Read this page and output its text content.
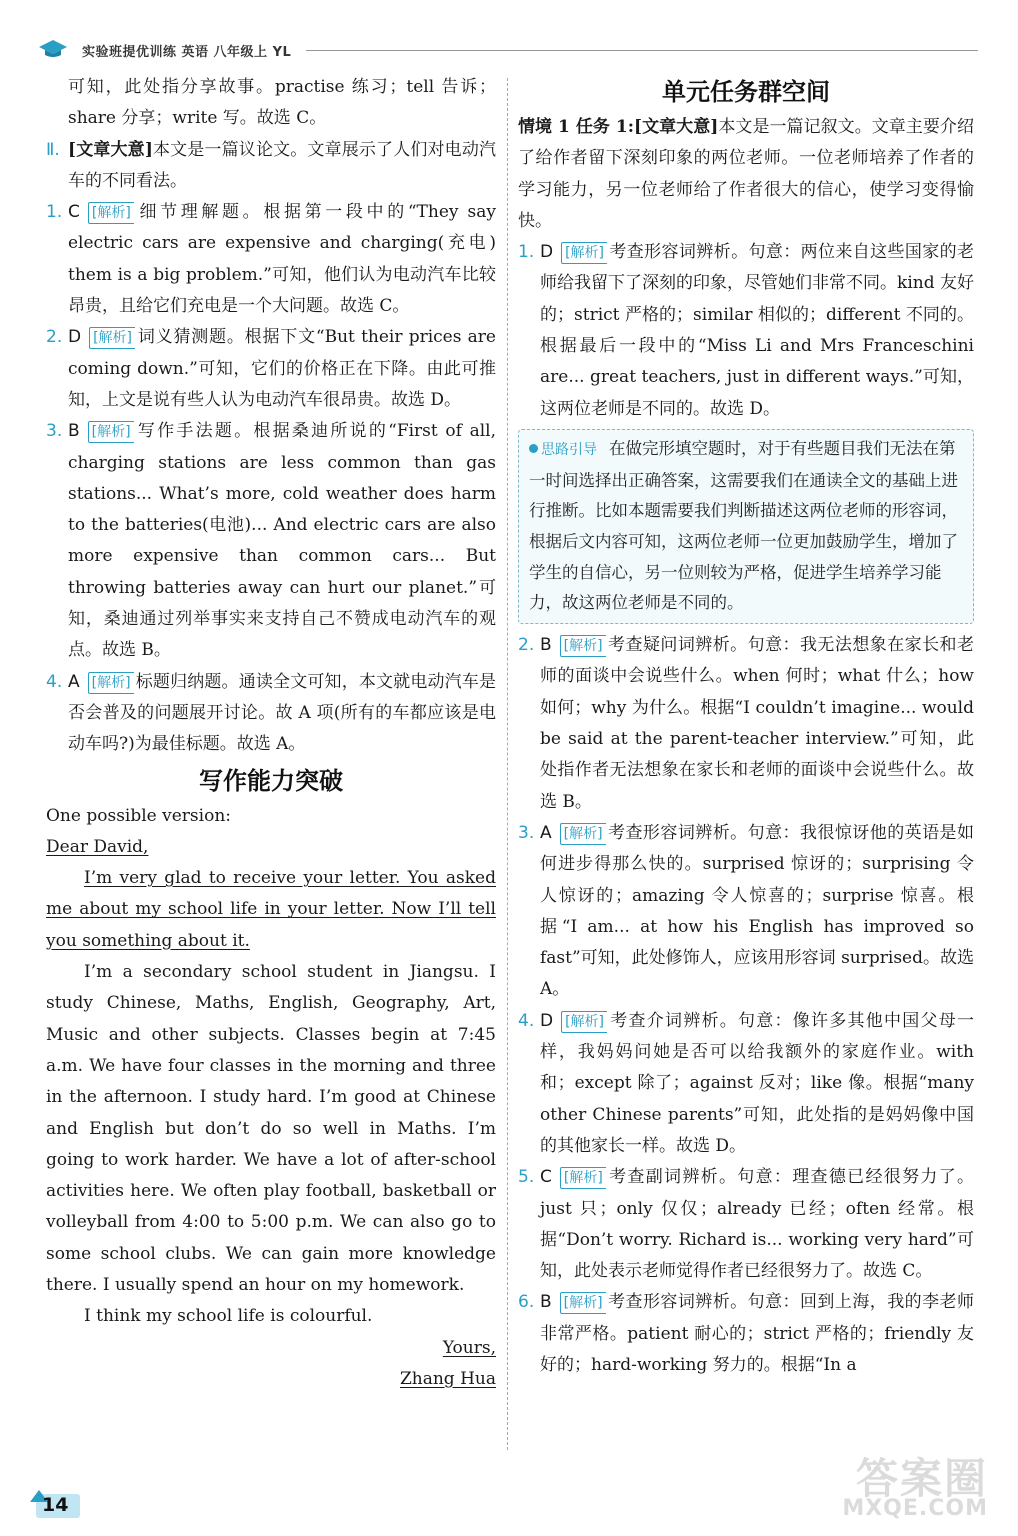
实验班提优训练 英语 八年级上 YL

可知，此处指分享故事。practise 练习；tell 告诉；share 分享；write 写。故选 C。

Ⅱ. [文章大意]本文是一篇议论文。文章展示了人们对电动汽车的不同看法。

1. C [解析] 细节理解题。根据第一段中的“They say electric cars are expensive and charging(充电) them is a big problem.”可知，他们认为电动汽车比较昂贵，且给它们充电是一个大问题。故选 C。

2. D [解析] 词义猜测题。根据下文“But their prices are coming down.”可知，它们的价格正在下降。由此可推知，上文是说有些人认为电动汽车很昂贵。故选 D。

3. B [解析] 写作手法题。根据桑迪所说的“First of all, charging stations are less common than gas stations... What’s more, cold weather does harm to the batteries(电池)... And electric cars are also more expensive than common cars... But throwing batteries away can hurt our planet.”可知，桑迪通过列举事实来支持自己不赞成电动汽车的观点。故选 B。

4. A [解析] 标题归纳题。通读全文可知，本文就电动汽车是否会普及的问题展开讨论。故 A 项(所有的车都应该是电动车吗?)为最佳标题。故选 A。

写作能力突破

One possible version:

Dear David,

I’m very glad to receive your letter. You asked me about my school life in your letter. Now I’ll tell you something about it.

I’m a secondary school student in Jiangsu. I study Chinese, Maths, English, Geography, Art, Music and other subjects. Classes begin at 7:45 a.m. We have four classes in the morning and three in the afternoon. I study hard. I’m good at Chinese and English but don’t do so well in Maths. I’m going to work harder. We have a lot of after-school activities here. We often play football, basketball or volleyball from 4:00 to 5:00 p.m. We can also go to some school clubs. We can gain more knowledge there. I usually spend an hour on my homework.

I think my school life is colourful.

Yours,

Zhang Hua

单元任务群空间

情境 1 任务 1:[文章大意]本文是一篇记叙文。文章主要介绍了给作者留下深刻印象的两位老师。一位老师培养了作者的学习能力，另一位老师给了作者很大的信心，使学习变得愉快。

1. D [解析] 考查形容词辨析。句意：两位来自这些国家的老师给我留下了深刻的印象，尽管她们非常不同。kind 友好的；strict 严格的；similar 相似的；different 不同的。根据最后一段中的“Miss Li and Mrs Franceschini are... great teachers, just in different ways.”可知，这两位老师是不同的。故选 D。

思路引导 在做完形填空题时，对于有些题目我们无法在第一时间选择出正确答案，这需要我们在通读全文的基础上进行推断。比如本题需要我们判断描述这两位老师的形容词，根据后文内容可知，这两位老师一位更加鼓励学生，增加了学生的自信心，另一位则较为严格，促进学生培养学习能力，故这两位老师是不同的。

2. B [解析] 考查疑问词辨析。句意：我无法想象在家长和老师的面谈中会说些什么。when 何时；what 什么；how 如何；why 为什么。根据“I couldn’t imagine... would be said at the parent-teacher interview.”可知，此处指作者无法想象在家长和老师的面谈中会说些什么。故选 B。

3. A [解析] 考查形容词辨析。句意：我很惊讶他的英语是如何进步得那么快的。surprised 惊讶的；surprising 令人惊讶的；amazing 令人惊喜的；surprise 惊喜。根据“I am... at how his English has improved so fast”可知，此处修饰人，应该用形容词 surprised。故选 A。

4. D [解析] 考查介词辨析。句意：像许多其他中国父母一样，我妈妈问她是否可以给我额外的家庭作业。with 和；except 除了；against 反对；like 像。根据“many other Chinese parents”可知，此处指的是妈妈像中国的其他家长一样。故选 D。

5. C [解析] 考查副词辨析。句意：理查德已经很努力了。just 只；only 仅仅；already 已经；often 经常。根据“Don’t worry. Richard is... working very hard”可知，此处表示老师觉得作者已经很努力了。故选 C。

6. B [解析] 考查形容词辨析。句意：回到上海，我的李老师非常严格。patient 耐心的；strict 严格的；friendly 友好的；hard-working 努力的。根据“In a

14
答案圈
MXQE.COM
